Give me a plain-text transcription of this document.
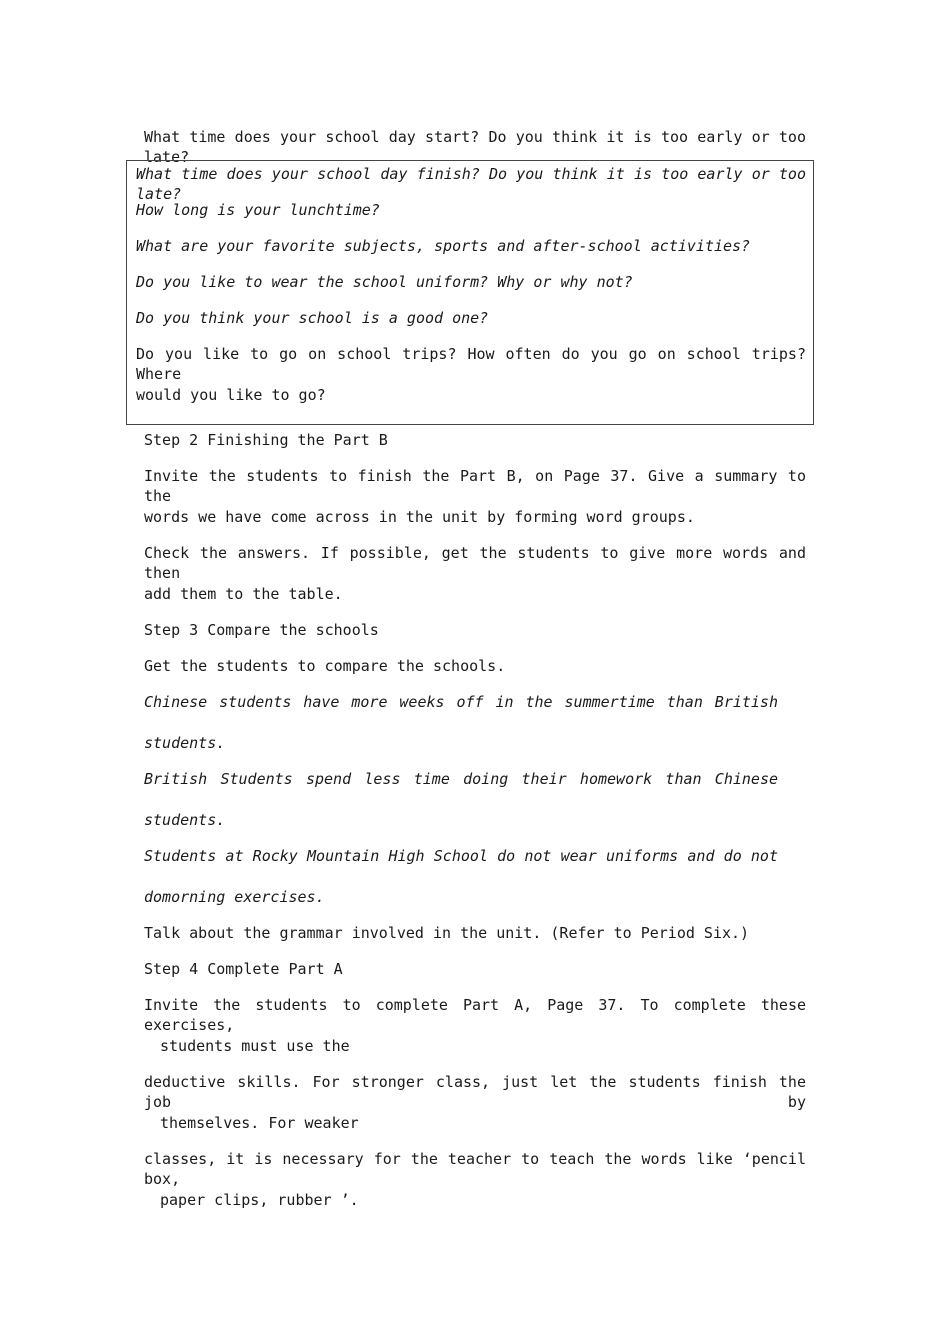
What time does your school day start? Do you think it is too early or too late?
What time does your school day finish? Do you think it is too early or too late?
How long is your lunchtime?
What are your favorite subjects, sports and after-school activities?
Do you like to wear the school uniform? Why or why not?
Do you think your school is a good one?
Do you like to go on school trips? How often do you go on school trips? Where
would you like to go?
Step 2 Finishing the Part B
Invite the students to finish the Part B, on Page 37. Give a summary to the
words we have come across in the unit by forming word groups.
Check the answers. If possible, get the students to give more words and then
add them to the table.
Step 3 Compare the schools
Get the students to compare the schools.
Chinese students have more weeks off in the summertime than British
students.
British Students spend less time doing their homework than Chinese
students.
Students at Rocky Mountain High School do not wear uniforms and do not
domorning exercises.
Talk about the grammar involved in the unit. (Refer to Period Six.)
Step 4 Complete Part A
Invite the students to complete Part A, Page 37. To complete these exercises,
students must use the
deductive skills. For stronger class, just let the students finish the job by
themselves. For weaker
classes, it is necessary for the teacher to teach the words like ‘pencil box,
paper clips, rubber ’.
